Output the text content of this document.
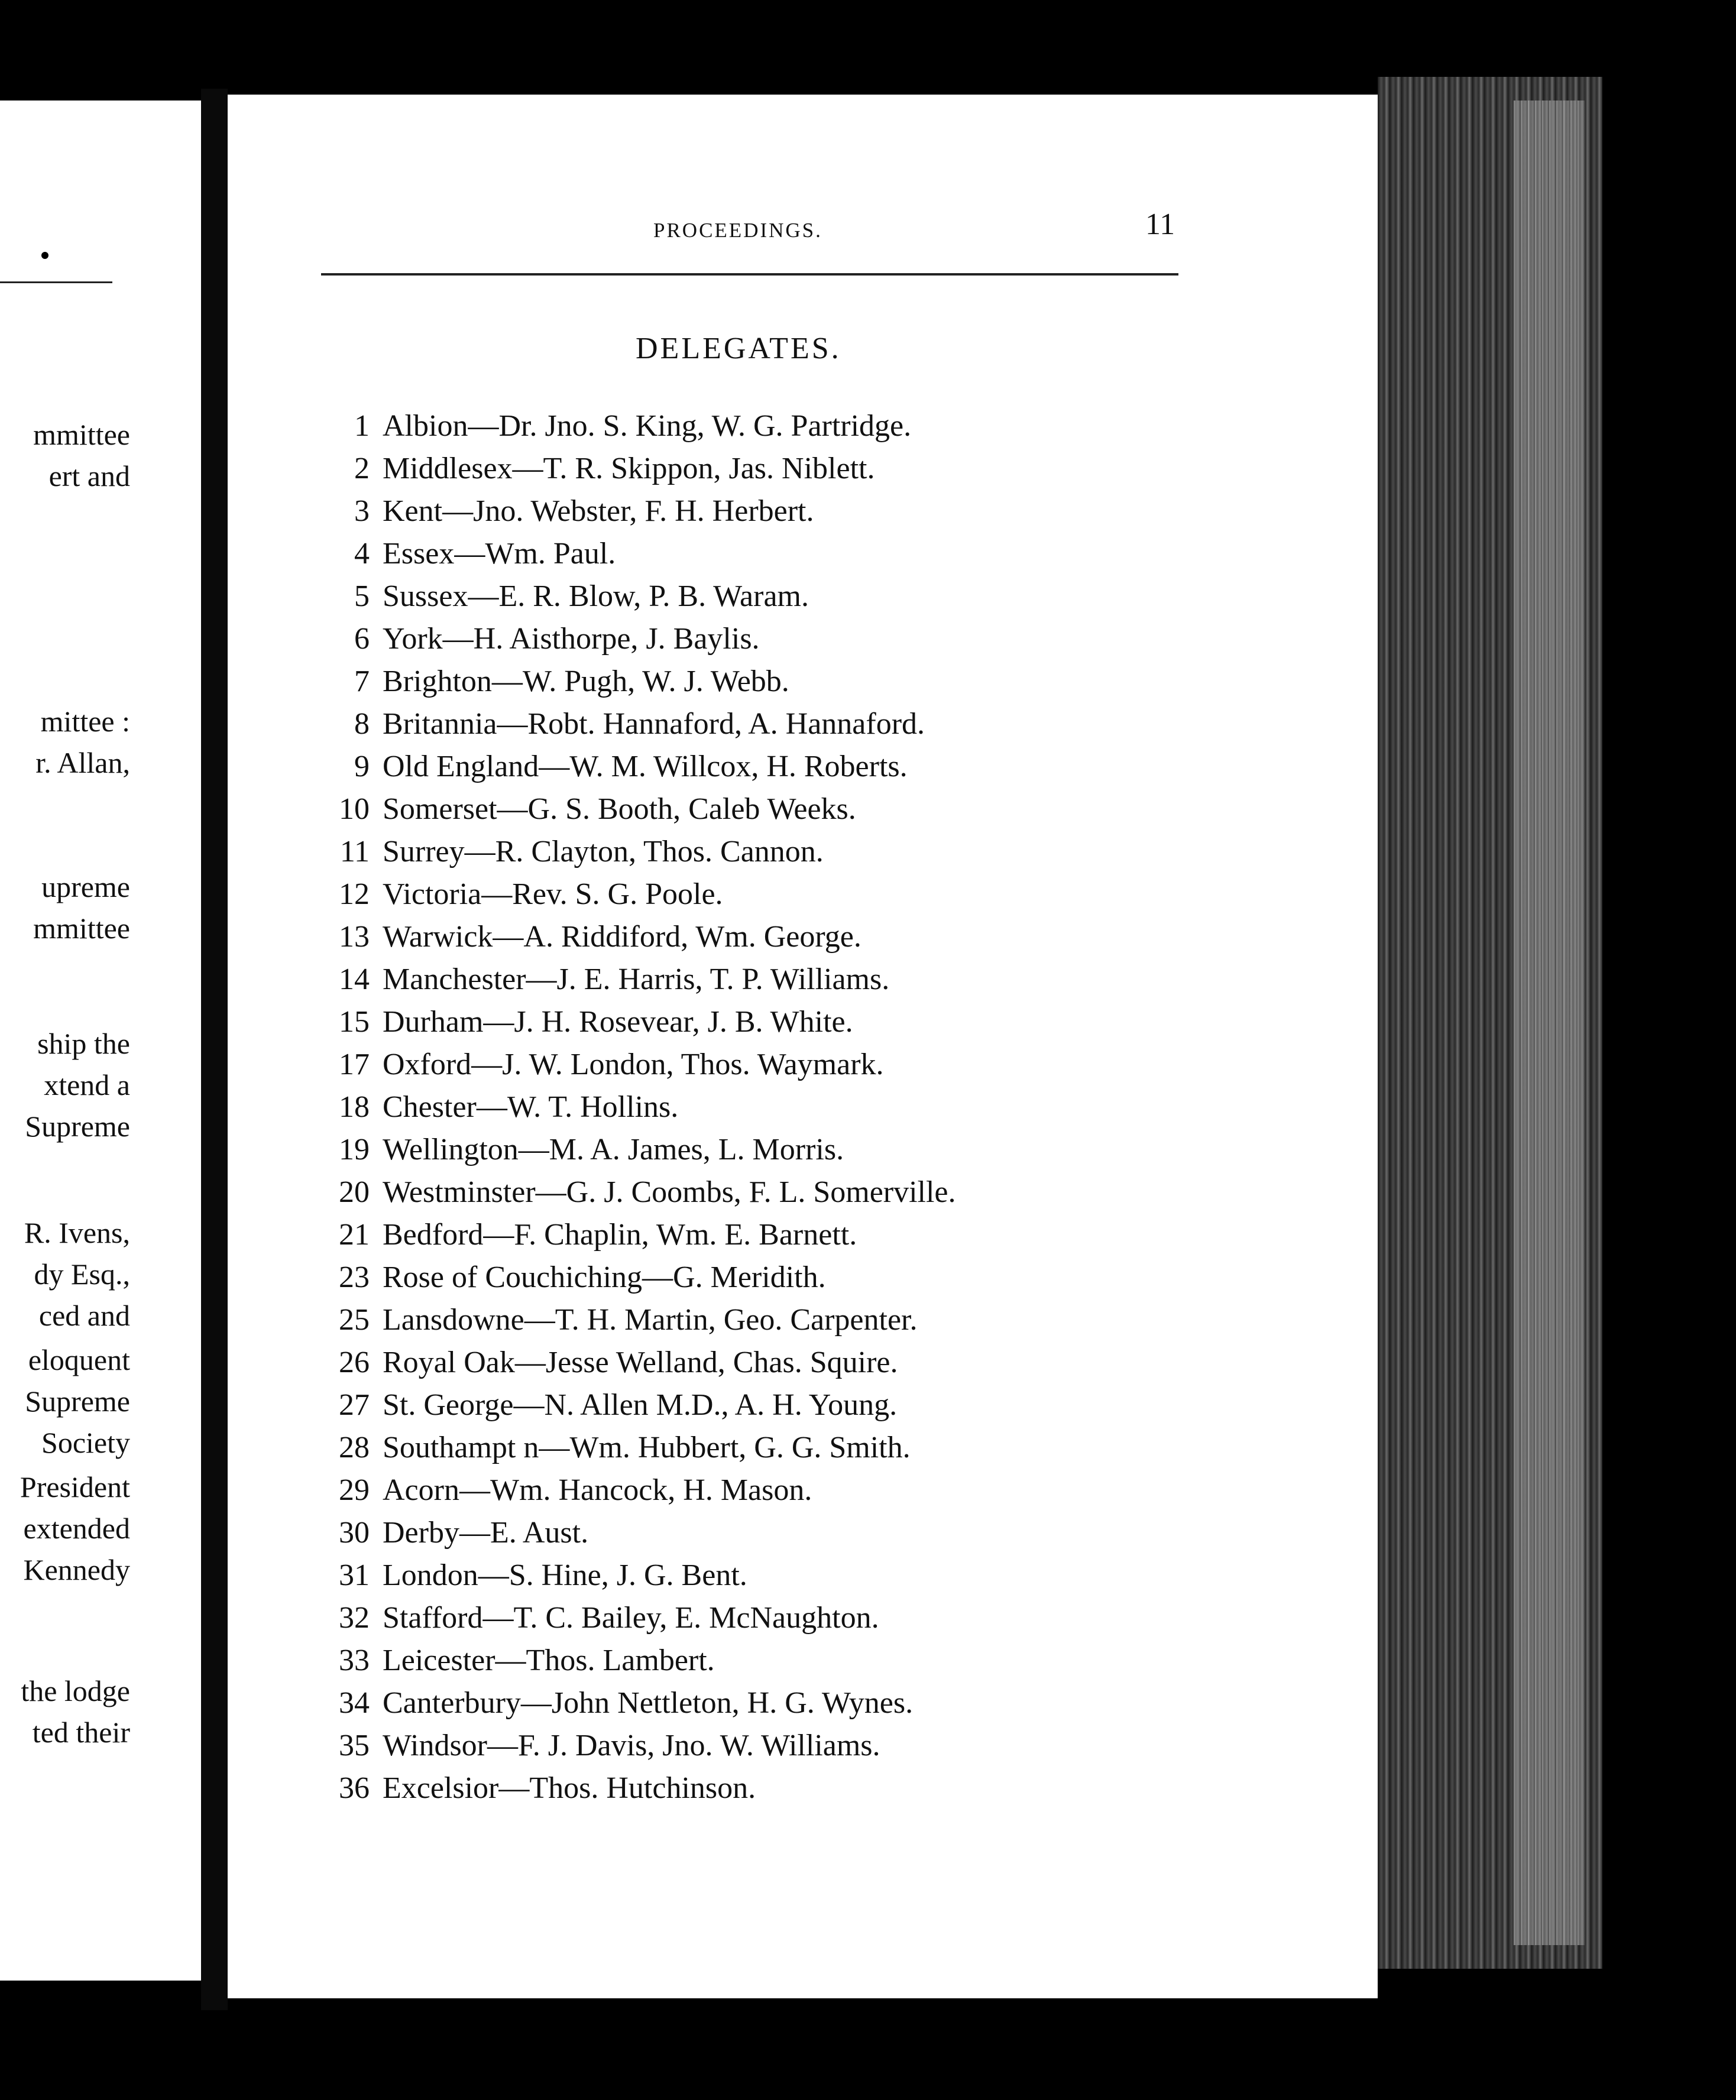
mmittee
ert and
mittee :
r. Allan,
upreme
mmittee
ship the
xtend a
Supreme
R. Ivens,
dy Esq.,
ced and
eloquent
Supreme
Society
President
extended
Kennedy
the lodge
ted their
PROCEEDINGS.	11
DELEGATES.
1 Albion—Dr. Jno. S. King, W. G. Partridge.
2 Middlesex—T. R. Skippon, Jas. Niblett.
3 Kent—Jno. Webster, F. H. Herbert.
4 Essex—Wm. Paul.
5 Sussex—E. R. Blow, P. B. Waram.
6 York—H. Aisthorpe, J. Baylis.
7 Brighton—W. Pugh, W. J. Webb.
8 Britannia—Robt. Hannaford, A. Hannaford.
9 Old England—W. M. Willcox, H. Roberts.
10 Somerset—G. S. Booth, Caleb Weeks.
11 Surrey—R. Clayton, Thos. Cannon.
12 Victoria—Rev. S. G. Poole.
13 Warwick—A. Riddiford, Wm. George.
14 Manchester—J. E. Harris, T. P. Williams.
15 Durham—J. H. Rosevear, J. B. White.
17 Oxford—J. W. London, Thos. Waymark.
18 Chester—W. T. Hollins.
19 Wellington—M. A. James, L. Morris.
20 Westminster—G. J. Coombs, F. L. Somerville.
21 Bedford—F. Chaplin, Wm. E. Barnett.
23 Rose of Couchiching—G. Meridith.
25 Lansdowne—T. H. Martin, Geo. Carpenter.
26 Royal Oak—Jesse Welland, Chas. Squire.
27 St. George—N. Allen M.D., A. H. Young.
28 Southampt n—Wm. Hubbert, G. G. Smith.
29 Acorn—Wm. Hancock, H. Mason.
30 Derby—E. Aust.
31 London—S. Hine, J. G. Bent.
32 Stafford—T. C. Bailey, E. McNaughton.
33 Leicester—Thos. Lambert.
34 Canterbury—John Nettleton, H. G. Wynes.
35 Windsor—F. J. Davis, Jno. W. Williams.
36 Excelsior—Thos. Hutchinson.
